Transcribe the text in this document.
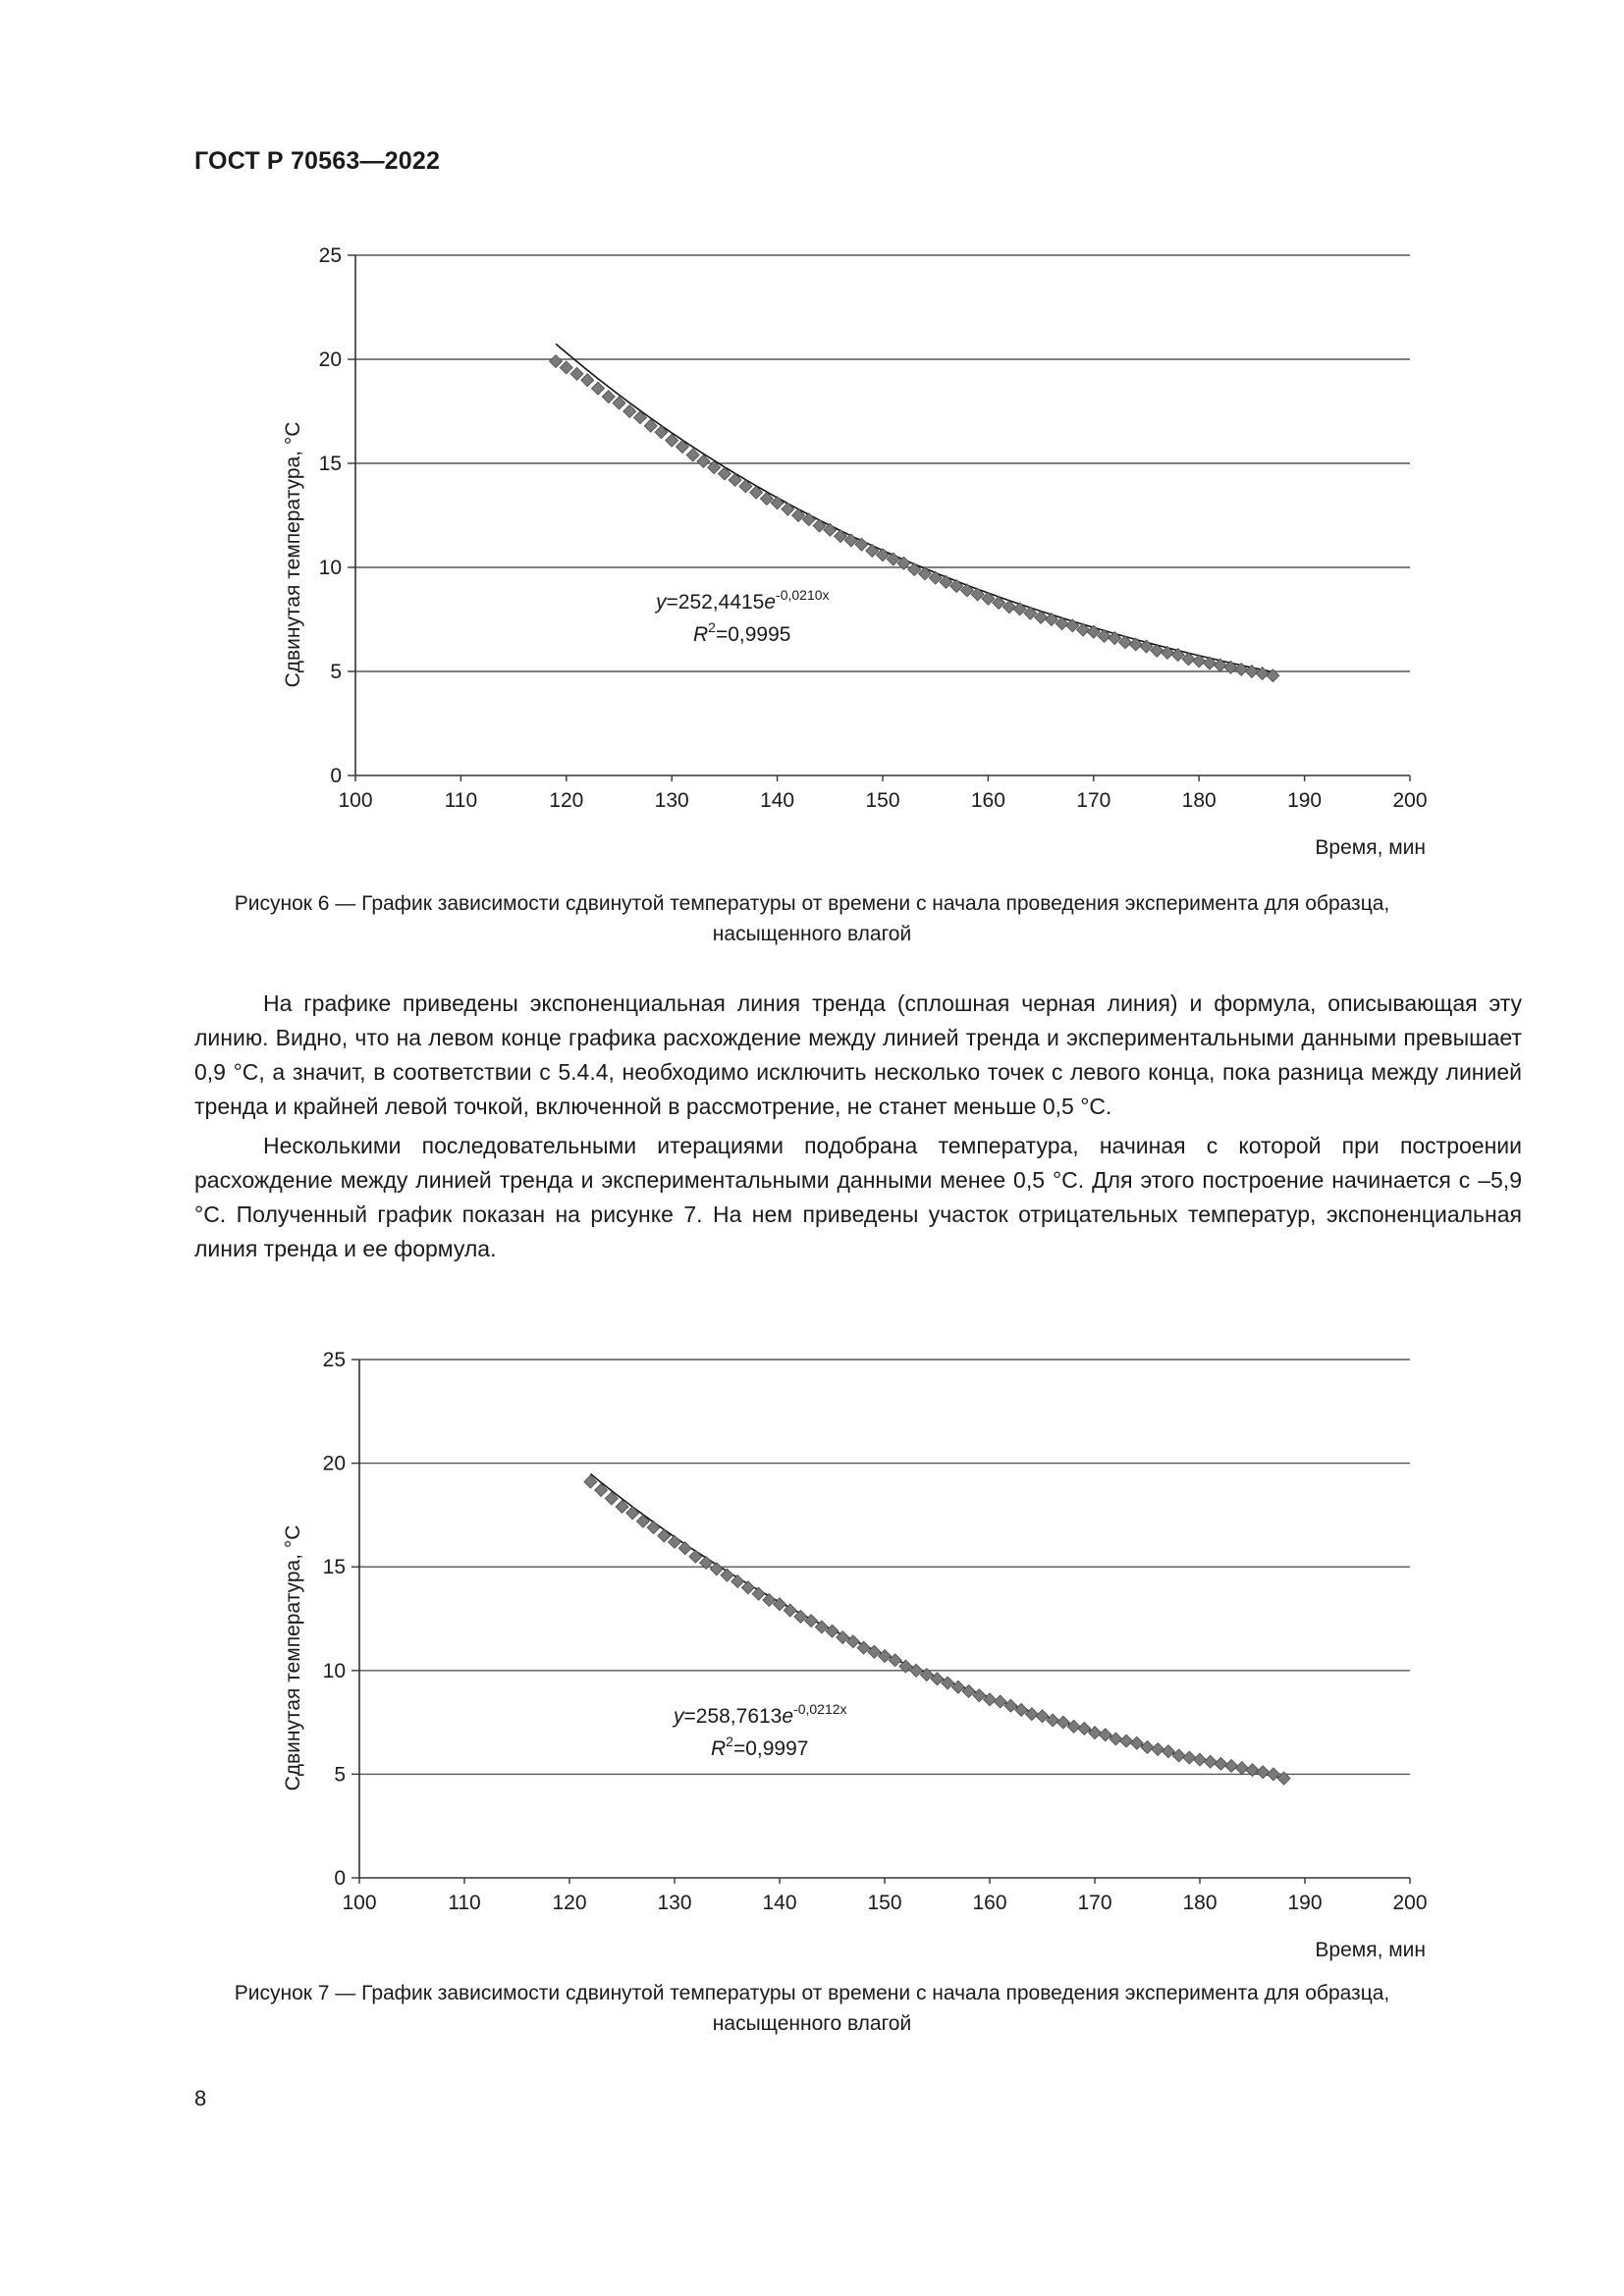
ГОСТ Р 70563—2022
0
5
10
15
20
25
100	110	120	130	140	150	160	170	180	190	200
Время, мин
Сдвинутая температура, °С	$y=252,4415e^{-0,0210x}$
$R^2=0,9995$
Рисунок 6 — График зависимости сдвинутой температуры от времени с начала проведения эксперимента для образца, насыщенного влагой

На графике приведены экспоненциальная линия тренда (сплошная черная линия) и формула, описывающая эту линию. Видно, что на левом конце графика расхождение между линией тренда и экспериментальными данными превышает 0,9 °С, а значит, в соответствии с 5.4.4, необходимо исключить несколько точек с левого конца, пока разница между линией тренда и крайней левой точкой, включенной в рассмотрение, не станет меньше 0,5 °С.

Несколькими последовательными итерациями подобрана температура, начиная с которой при построении расхождение между линией тренда и экспериментальными данными менее 0,5 °С. Для этого построение начинается с –5,9 °С. Полученный график показан на рисунке 7. На нем приведены участок отрицательных температур, экспоненциальная линия тренда и ее формула.

0
5
10
15
20
25
100	110	120	130	140	150	160	170	180	190	200
Время, мин
Сдвинутая температура, °С	$y=258,7613e^{-0,0212x}$
$R^2=0,9997$
Рисунок 7 — График зависимости сдвинутой температуры от времени с начала проведения эксперимента для образца, насыщенного влагой
8
